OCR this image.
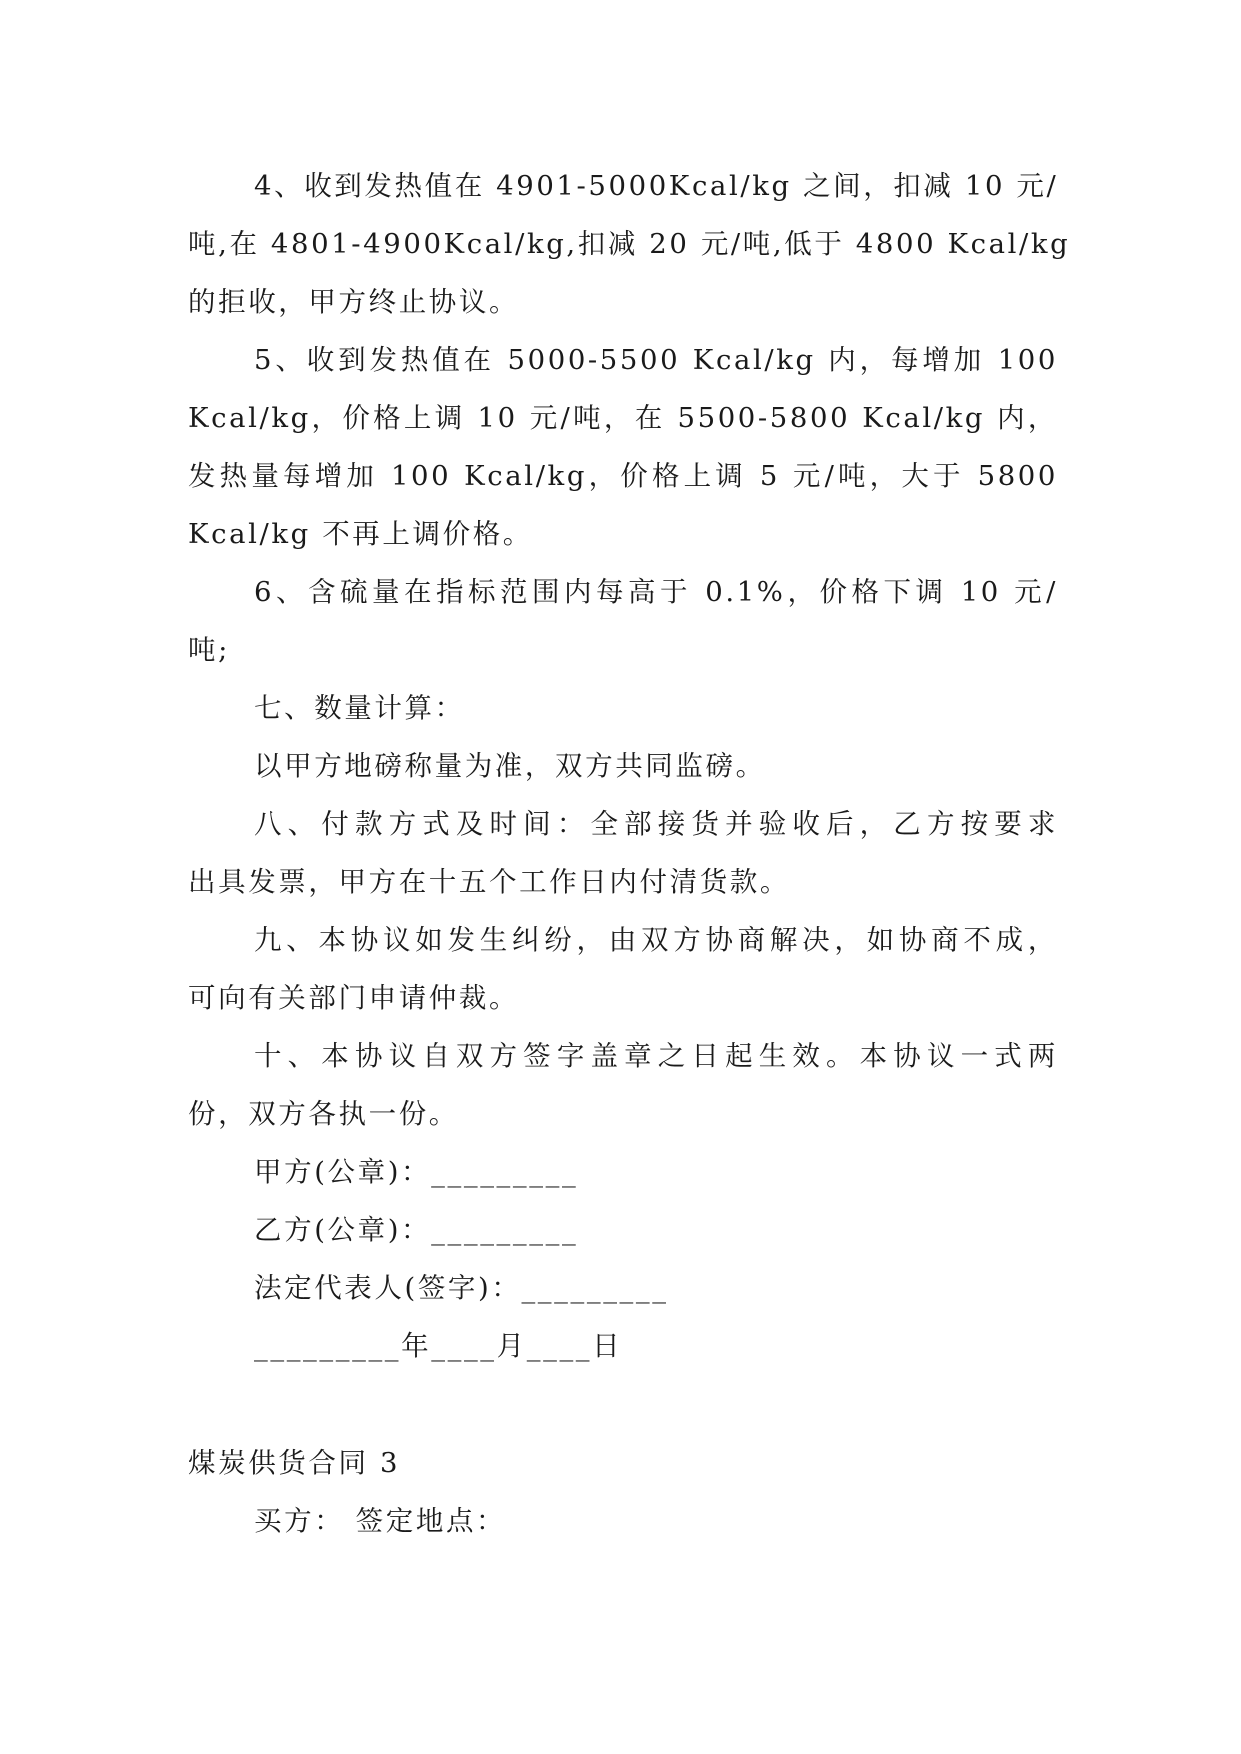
4、收到发热值在 4901-5000Kcal/kg 之间，扣减 10 元/
吨,在 4801-4900Kcal/kg,扣减 20 元/吨,低于 4800 Kcal/kg
的拒收，甲方终止协议。
5、收到发热值在 5000-5500 Kcal/kg 内，每增加 100
Kcal/kg，价格上调 10 元/吨，在 5500-5800 Kcal/kg 内，
发热量每增加 100 Kcal/kg，价格上调 5 元/吨，大于 5800
Kcal/kg 不再上调价格。
6、含硫量在指标范围内每高于 0.1%，价格下调 10 元/
吨;
七、数量计算：
以甲方地磅称量为准，双方共同监磅。
八、付款方式及时间：全部接货并验收后，乙方按要求
出具发票，甲方在十五个工作日内付清货款。
九、本协议如发生纠纷，由双方协商解决，如协商不成，
可向有关部门申请仲裁。
十、本协议自双方签字盖章之日起生效。本协议一式两
份，双方各执一份。
甲方(公章)：_________
乙方(公章)：_________
法定代表人(签字)：_________
_________年____月____日
煤炭供货合同 3
买方： 签定地点：
